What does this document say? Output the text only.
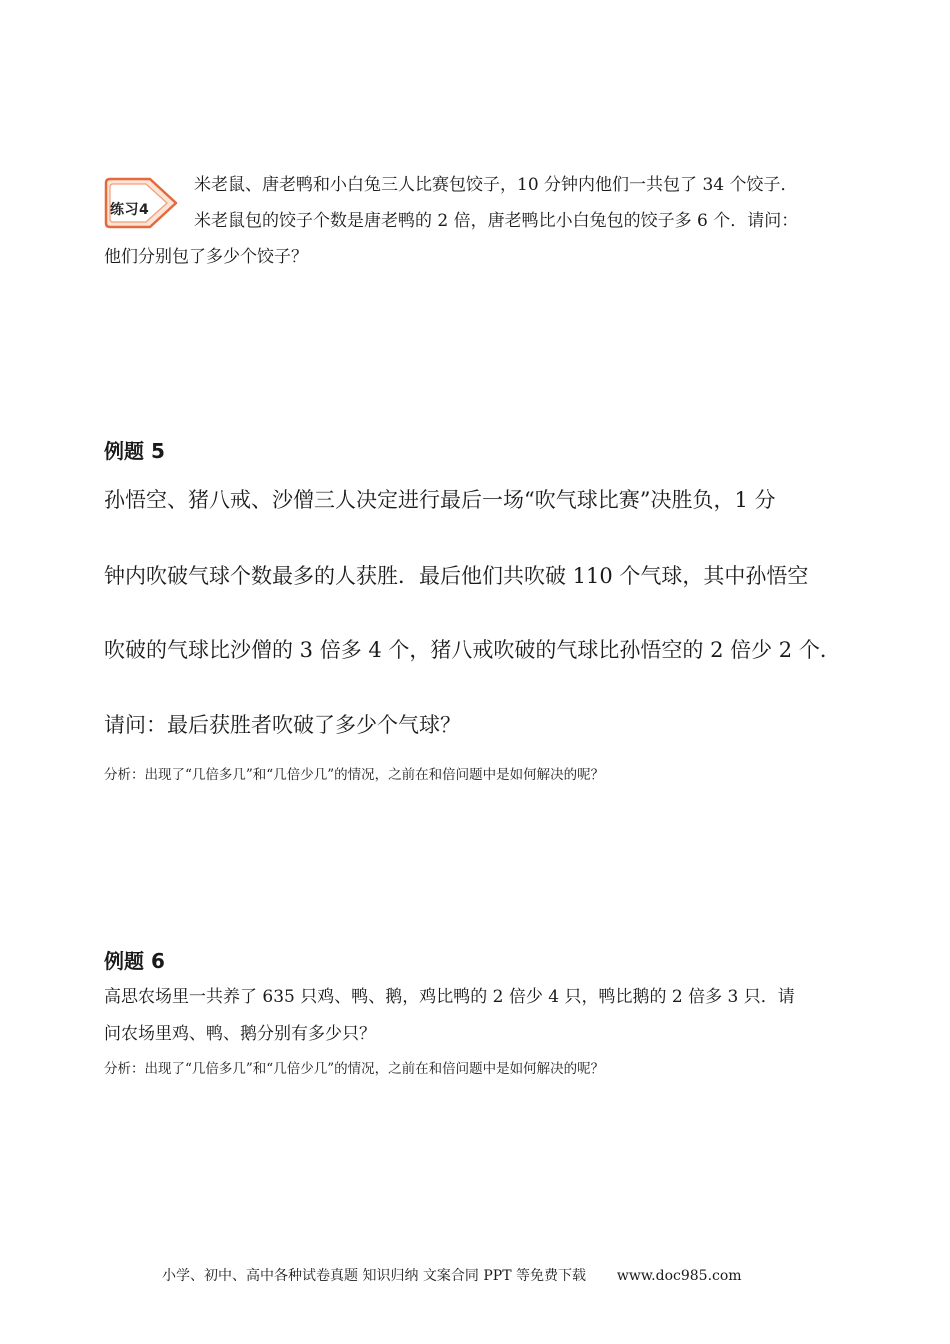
练习4
米老鼠、唐老鸭和小白兔三人比赛包饺子，10 分钟内他们一共包了 34 个饺子．
米老鼠包的饺子个数是唐老鸭的 2 倍，唐老鸭比小白兔包的饺子多 6 个．请问：
他们分别包了多少个饺子？
例题 5
孙悟空、猪八戒、沙僧三人决定进行最后一场“吹气球比赛”决胜负，1 分
钟内吹破气球个数最多的人获胜．最后他们共吹破 110 个气球，其中孙悟空
吹破的气球比沙僧的 3 倍多 4 个，猪八戒吹破的气球比孙悟空的 2 倍少 2 个．
请问：最后获胜者吹破了多少个气球？
分析：出现了“几倍多几”和“几倍少几”的情况，之前在和倍问题中是如何解决的呢？
例题 6
高思农场里一共养了 635 只鸡、鸭、鹅，鸡比鸭的 2 倍少 4 只，鸭比鹅的 2 倍多 3 只．请
问农场里鸡、鸭、鹅分别有多少只？
分析：出现了“几倍多几”和“几倍少几”的情况，之前在和倍问题中是如何解决的呢？
小学、初中、高中各种试卷真题 知识归纳 文案合同 PPT 等免费下载 www.doc985.com
